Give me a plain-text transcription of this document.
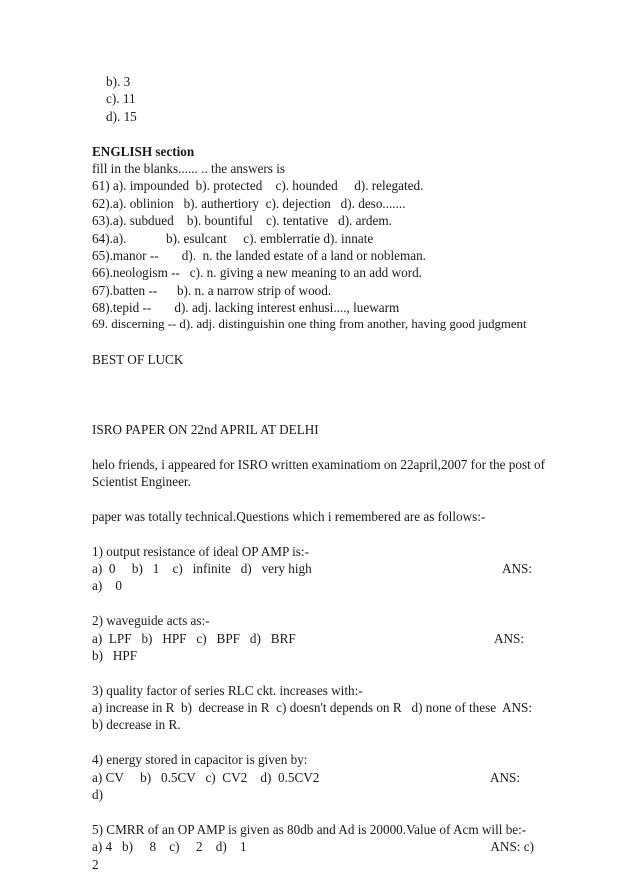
b). 3
c). 11
d). 15
ENGLISH section
fill in the blanks...... .. the answers is
61) a). impounded  b). protected    c). hounded     d). relegated.
62).a). oblinion   b). authertiory  c). dejection   d). deso.......
63).a). subdued    b). bountiful    c). tentative   d). ardem.
64).a).            b). esulcant     c). emblerratie d). innate
65).manor --       d).  n. the landed estate of a land or nobleman.
66).neologism --   c). n. giving a new meaning to an add word.
67).batten --      b). n. a narrow strip of wood.
68).tepid --       d). adj. lacking interest enhusi...., luewarm
69. discerning -- d). adj. distinguishin one thing from another, having good judgment
BEST OF LUCK
ISRO PAPER ON 22nd APRIL AT DELHI
helo friends, i appeared for ISRO written examinatiom on 22april,2007 for the post of Scientist Engineer.
paper was totally technical.Questions which i remembered are as follows:-
1) output resistance of ideal OP AMP is:-
a)  0     b)   1    c)   infinite   d)   very high	ANS:
a)    0
2) waveguide acts as:-
a)  LPF   b)   HPF   c)   BPF   d)   BRF	ANS:
b)   HPF
3) quality factor of series RLC ckt. increases with:-
a) increase in R  b)  decrease in R  c) doesn't depends on R   d) none of these ANS:
b) decrease in R.
4) energy stored in capacitor is given by:
a) CV     b)   0.5CV   c)  CV2    d)  0.5CV2	ANS:
d)
5) CMRR of an OP AMP is given as 80db and Ad is 20000.Value of Acm will be:-
a) 4   b)     8    c)     2    d)    1	ANS: c)
2
